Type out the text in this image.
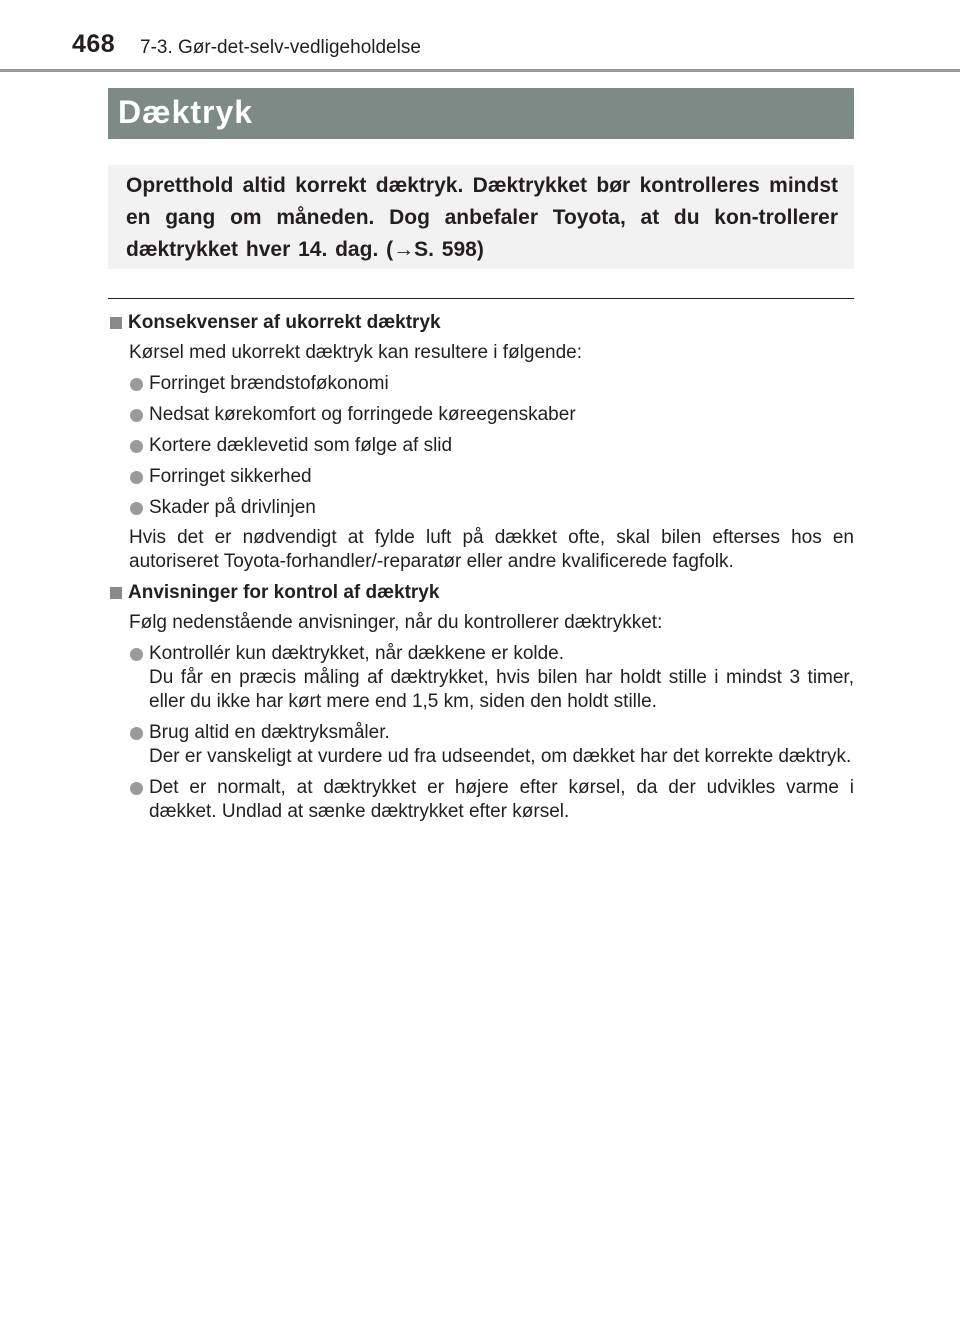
468 7-3. Gør-det-selv-vedligeholdelse
Dæktryk
Opretthold altid korrekt dæktryk. Dæktrykket bør kontrolleres mindst en gang om måneden. Dog anbefaler Toyota, at du kon-trollerer dæktrykket hver 14. dag. (→S. 598)
Konsekvenser af ukorrekt dæktryk
Kørsel med ukorrekt dæktryk kan resultere i følgende:
Forringet brændstoføkonomi
Nedsat kørekomfort og forringede køreegenskaber
Kortere dæklevetid som følge af slid
Forringet sikkerhed
Skader på drivlinjen
Hvis det er nødvendigt at fylde luft på dækket ofte, skal bilen efterses hos en autoriseret Toyota-forhandler/-reparatør eller andre kvalificerede fagfolk.
Anvisninger for kontrol af dæktryk
Følg nedenstående anvisninger, når du kontrollerer dæktrykket:
Kontrollér kun dæktrykket, når dækkene er kolde.
Du får en præcis måling af dæktrykket, hvis bilen har holdt stille i mindst 3 timer, eller du ikke har kørt mere end 1,5 km, siden den holdt stille.
Brug altid en dæktryksmåler.
Der er vanskeligt at vurdere ud fra udseendet, om dækket har det korrekte dæktryk.
Det er normalt, at dæktrykket er højere efter kørsel, da der udvikles varme i dækket. Undlad at sænke dæktrykket efter kørsel.
